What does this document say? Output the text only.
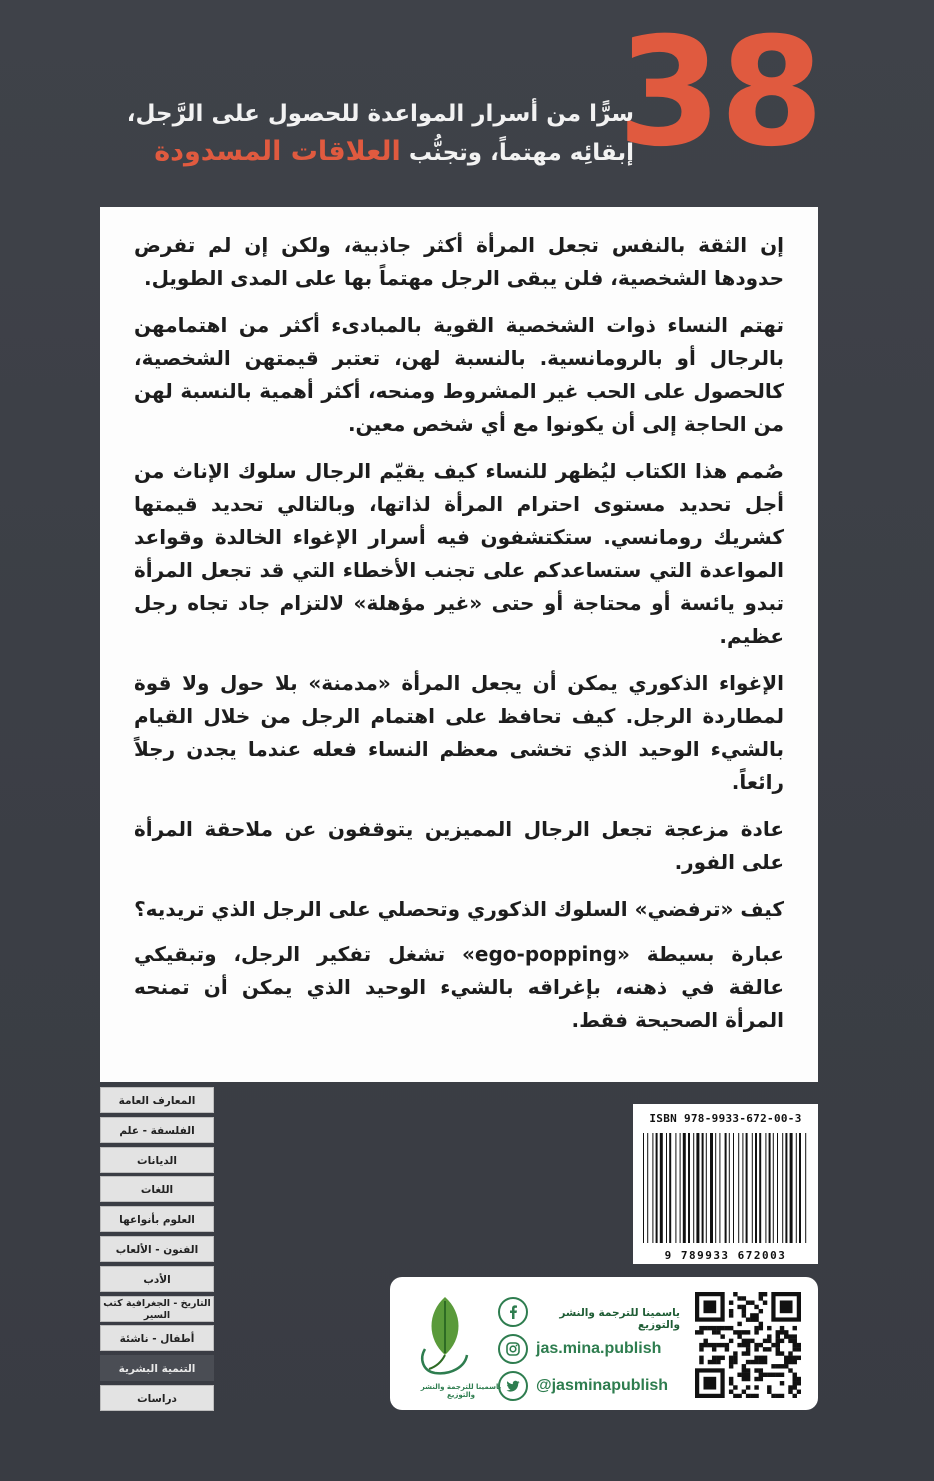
38
سرًّا من أسرار المواعدة للحصول على الرَّجل،
إبقائِه مهتماً، وتجنُّب العلاقات المسدودة

إن الثقة بالنفس تجعل المرأة أكثر جاذبية، ولكن إن لم تفرض حدودها الشخصية، فلن يبقى الرجل مهتماً بها على المدى الطويل.

تهتم النساء ذوات الشخصية القوية بالمبادىء أكثر من اهتمامهن بالرجال أو بالرومانسية. بالنسبة لهن، تعتبر قيمتهن الشخصية، كالحصول على الحب غير المشروط ومنحه، أكثر أهمية بالنسبة لهن من الحاجة إلى أن يكونوا مع أي شخص معين.

صُمم هذا الكتاب ليُظهر للنساء كيف يقيّم الرجال سلوك الإناث من أجل تحديد مستوى احترام المرأة لذاتها، وبالتالي تحديد قيمتها كشريك رومانسي. ستكتشفون فيه أسرار الإغواء الخالدة وقواعد المواعدة التي ستساعدكم على تجنب الأخطاء التي قد تجعل المرأة تبدو يائسة أو محتاجة أو حتى «غير مؤهلة» لالتزام جاد تجاه رجل عظيم.

الإغواء الذكوري يمكن أن يجعل المرأة «مدمنة» بلا حول ولا قوة لمطاردة الرجل. كيف تحافظ على اهتمام الرجل من خلال القيام بالشيء الوحيد الذي تخشى معظم النساء فعله عندما يجدن رجلاً رائعاً.

عادة مزعجة تجعل الرجال المميزين يتوقفون عن ملاحقة المرأة على الفور.

كيف «ترفضي» السلوك الذكوري وتحصلي على الرجل الذي تريديه؟

عبارة بسيطة «ego-popping» تشغل تفكير الرجل، وتبقيكي عالقة في ذهنه، بإغراقه بالشيء الوحيد الذي يمكن أن تمنحه المرأة الصحيحة فقط.

المعارف العامة
الفلسفة - علم
الديانات
اللغات
العلوم بأنواعها
الفنون - الألعاب
الأدب
التاريخ - الجغرافية كتب السير
أطفال - ناشئة
التنمية البشرية
دراسات
ISBN 978-9933-672-00-3
9 789933 672003
ياسمينا للترجمة والنشر والتوزيع
ياسمينا للترجمة والنشر والتوزيع
jas.mina.publish
@jasminapublish
